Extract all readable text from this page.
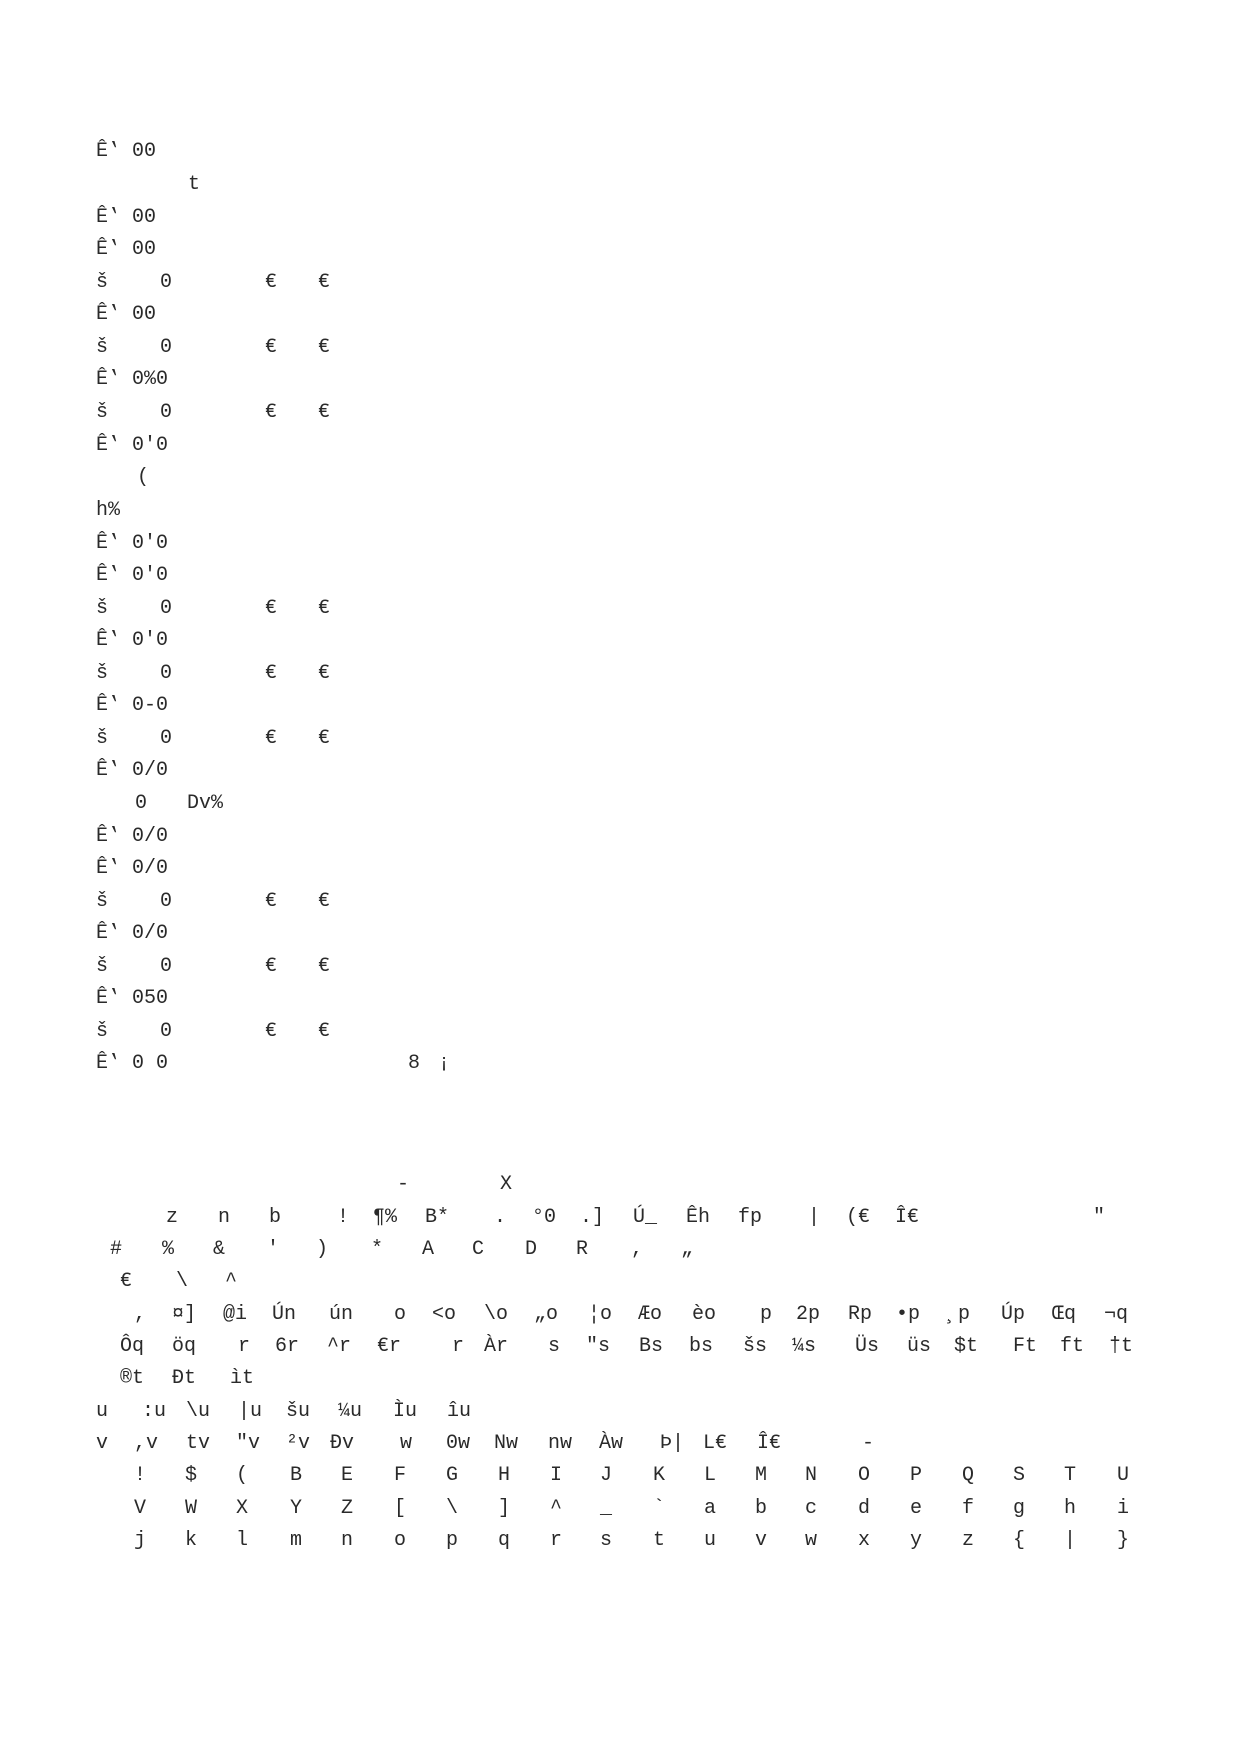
Ê‛ 00
t
Ê‛ 00
Ê‛ 00
š	0	€ €
Ê‛ 00
š	0	€ €
Ê‛ 0%0
š	0	€ €
Ê‛ 0'0
(
h%
Ê‛ 0'0
Ê‛ 0'0
š	0	€ €
Ê‛ 0'0
š	0	€ €
Ê‛ 0-0
š	0	€ €
Ê‛ 0/0
0 Dv%
Ê‛ 0/0
Ê‛ 0/0
š	0	€ €
Ê‛ 0/0
š	0	€ €
Ê‛ 050
š	0	€ €
Ê‛ 0 0	8 ¡
-	X
z n b	! ¶% B* . °0 .] Ú_ Êh fp | (€ Î€	"
# % & ' ) * A C D R , „
€ \ ^
, ¤] @i Ún ún o <o \o „o ¦o Æo èo p 2p Rp •p ¸p Úp Œq ¬q
Ôq öq r 6r ^r €r	r Àr s "s Bs bs šs ¼s Üs üs $t Ft ft †t
®t Ðt ìt
u :u \u |u šu ¼u Ìu îu
v ,v tv ″v ²v Ðv w 0w Nw nw Àw Þ| L€ Î€	-
! $ ( B E F G H I J K L M N O P Q S T U
V W X Y Z [ \ ] ^ _ ` a b c d e f g h i
j k l m n o p q r s t u v w x y z { | }
